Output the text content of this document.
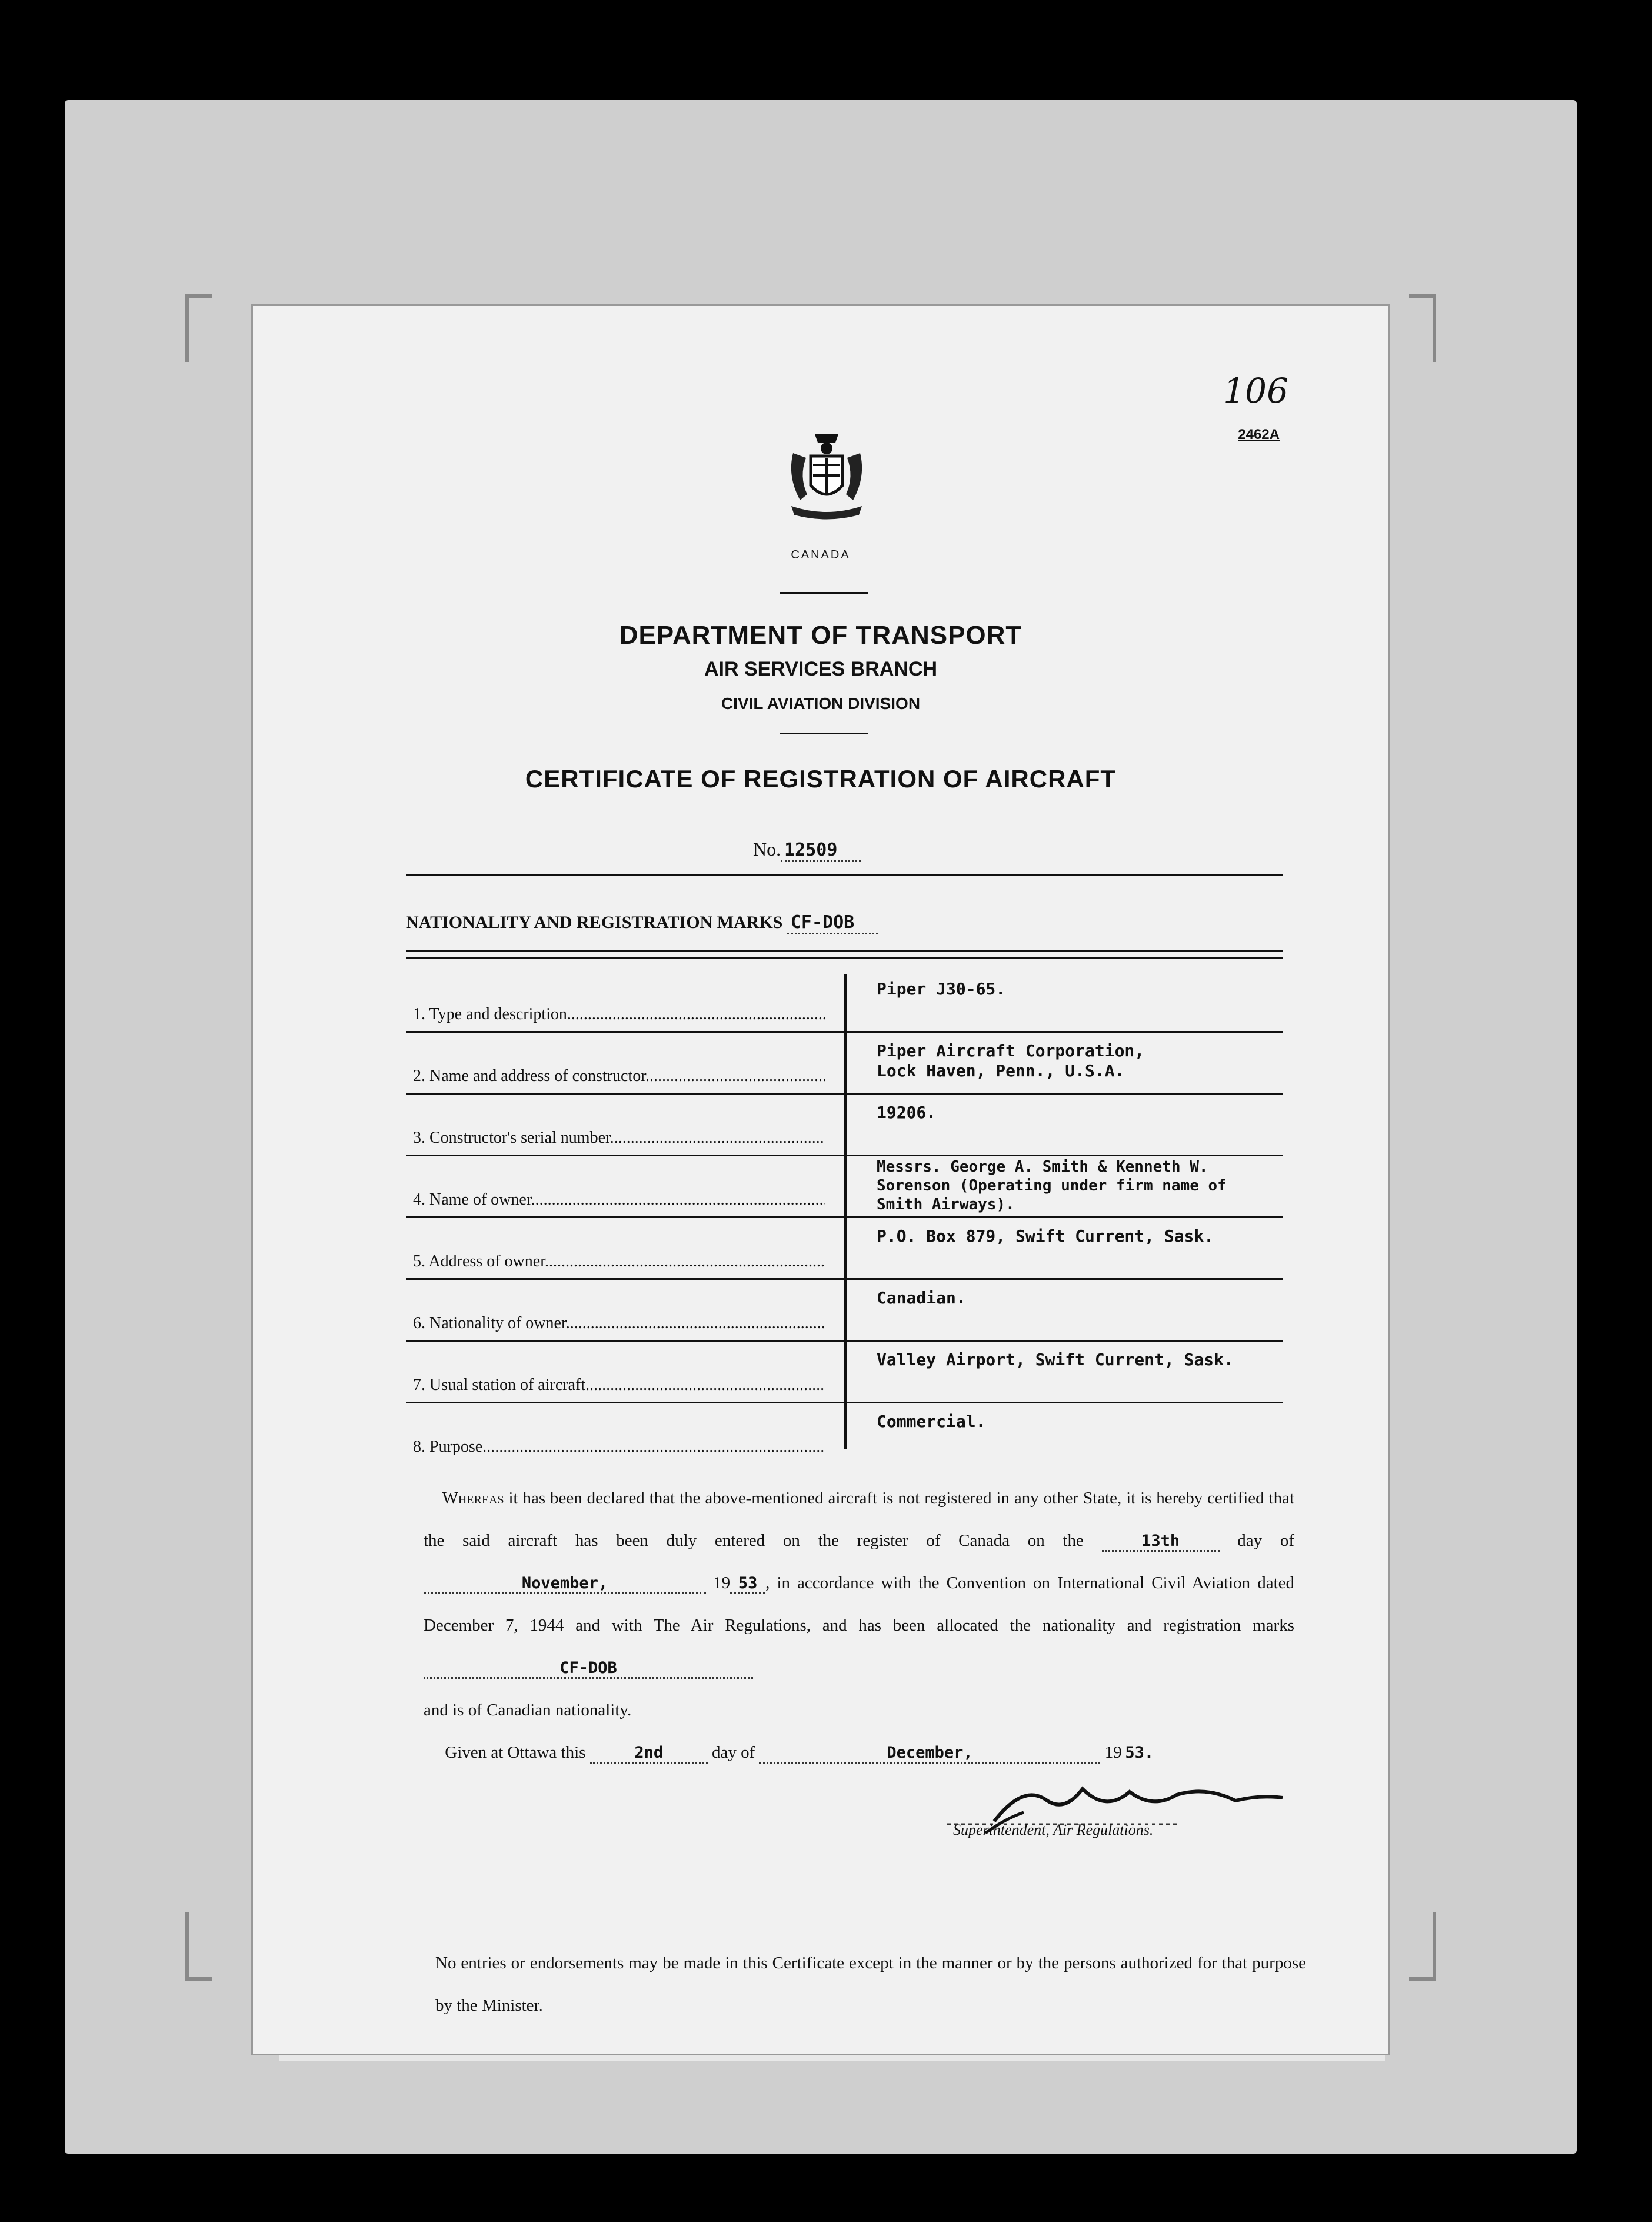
106
2462A
CANADA
DEPARTMENT OF TRANSPORT
AIR SERVICES BRANCH
CIVIL AVIATION DIVISION
CERTIFICATE OF REGISTRATION OF AIRCRAFT
No. 12509
NATIONALITY AND REGISTRATION MARKS CF-DOB
1. Type and description .....
Piper J30-65.
2. Name and address of constructor .....
Piper Aircraft Corporation,
Lock Haven, Penn., U.S.A.
3. Constructor's serial number .....
19206.
4. Name of owner .....
Messrs. George A. Smith & Kenneth W.
Sorenson (Operating under firm name of
Smith Airways).
5. Address of owner .....
P.O. Box 879, Swift Current, Sask.
6. Nationality of owner .....
Canadian.
7. Usual station of aircraft .....
Valley Airport, Swift Current, Sask.
8. Purpose .....
Commercial.
Whereas it has been declared that the above-mentioned aircraft is not registered in any other State, it is hereby certified that the said aircraft has been duly entered on the register of Canada on the	13th	day of November,	19 53 , in accordance with the Convention on International Civil Aviation dated December 7, 1944 and with The Air Regulations, and has been allocated the nationality and registration marks CF-DOB
and is of Canadian nationality.
Given at Ottawa this	2nd	day of	December,	19 53.
Superintendent, Air Regulations.
No entries or endorsements may be made in this Certificate except in the manner or by the persons authorized for that purpose by the Minister.
